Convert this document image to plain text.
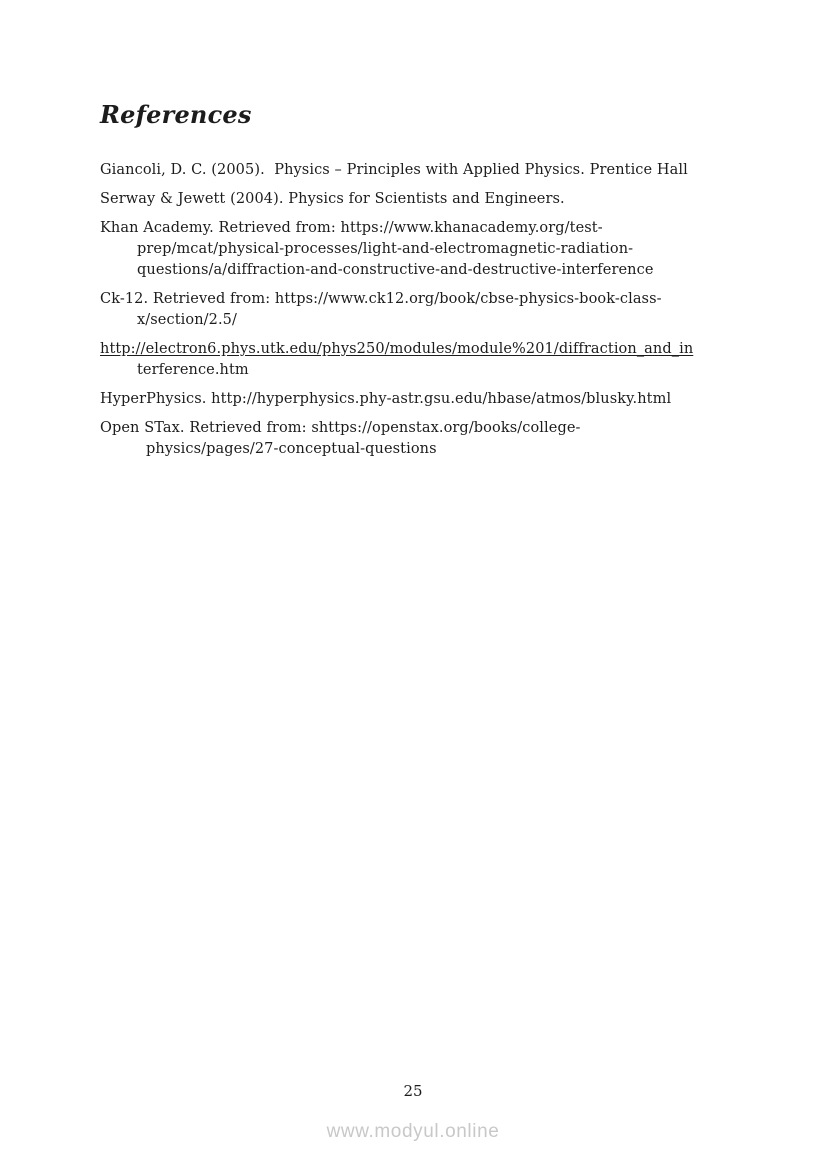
References

Giancoli, D. C. (2005).  Physics – Principles with Applied Physics. Prentice Hall

Serway & Jewett (2004). Physics for Scientists and Engineers.

Khan Academy. Retrieved from: https://www.khanacademy.org/test-
prep/mcat/physical-processes/light-and-electromagnetic-radiation-
questions/a/diffraction-and-constructive-and-destructive-interference

Ck-12. Retrieved from: https://www.ck12.org/book/cbse-physics-book-class-
x/section/2.5/

http://electron6.phys.utk.edu/phys250/modules/module%201/diffraction_and_in
terference.htm

HyperPhysics. http://hyperphysics.phy-astr.gsu.edu/hbase/atmos/blusky.html

Open STax. Retrieved from: shttps://openstax.org/books/college-
physics/pages/27-conceptual-questions

25
www.modyul.online
